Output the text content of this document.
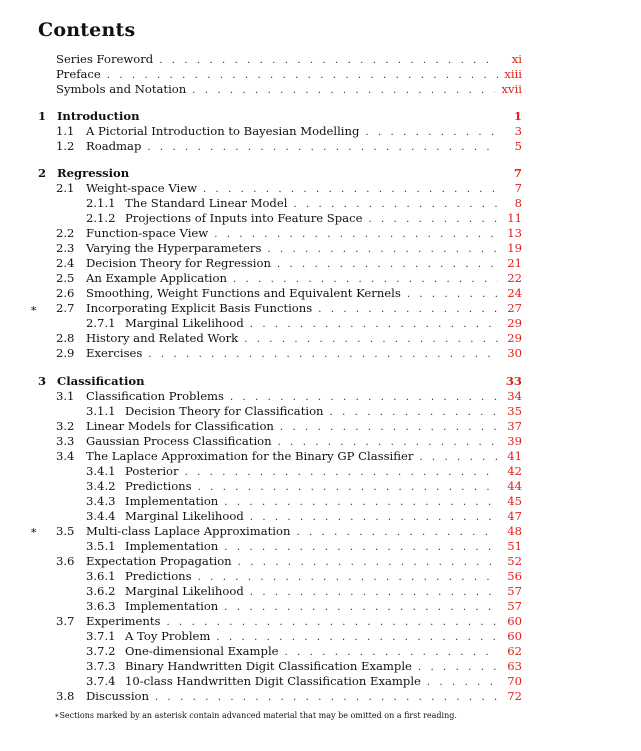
Contents
Series Foreword . . .	xi
Preface . . .	xiii
Symbols and Notation . . .	xvii
1 Introduction	1
1.1 A Pictorial Introduction to Bayesian Modelling . . .	3
1.2 Roadmap . . .	5
2 Regression	7
2.1 Weight-space View . . .	7
2.1.1 The Standard Linear Model . . .	8
2.1.2 Projections of Inputs into Feature Space . . .	11
2.2 Function-space View . . .	13
2.3 Varying the Hyperparameters . . .	19
2.4 Decision Theory for Regression . . .	21
2.5 An Example Application . . .	22
2.6 Smoothing, Weight Functions and Equivalent Kernels . . .	24
2.7 Incorporating Explicit Basis Functions . . .	27
2.7.1 Marginal Likelihood . . .	29
2.8 History and Related Work . . .	29
2.9 Exercises . . .	30
3 Classification	33
3.1 Classification Problems . . .	34
3.1.1 Decision Theory for Classification . . .	35
3.2 Linear Models for Classification . . .	37
3.3 Gaussian Process Classification . . .	39
3.4 The Laplace Approximation for the Binary GP Classifier . . .	41
3.4.1 Posterior . . .	42
3.4.2 Predictions . . .	44
3.4.3 Implementation . . .	45
3.4.4 Marginal Likelihood . . .	47
3.5 Multi-class Laplace Approximation . . .	48
3.5.1 Implementation . . .	51
3.6 Expectation Propagation . . .	52
3.6.1 Predictions . . .	56
3.6.2 Marginal Likelihood . . .	57
3.6.3 Implementation . . .	57
3.7 Experiments . . .	60
3.7.1 A Toy Problem . . .	60
3.7.2 One-dimensional Example . . .	62
3.7.3 Binary Handwritten Digit Classification Example . . .	63
3.7.4 10-class Handwritten Digit Classification Example . . .	70
3.8 Discussion . . .	72
∗
∗
∗Sections marked by an asterisk contain advanced material that may be omitted on a first reading.
